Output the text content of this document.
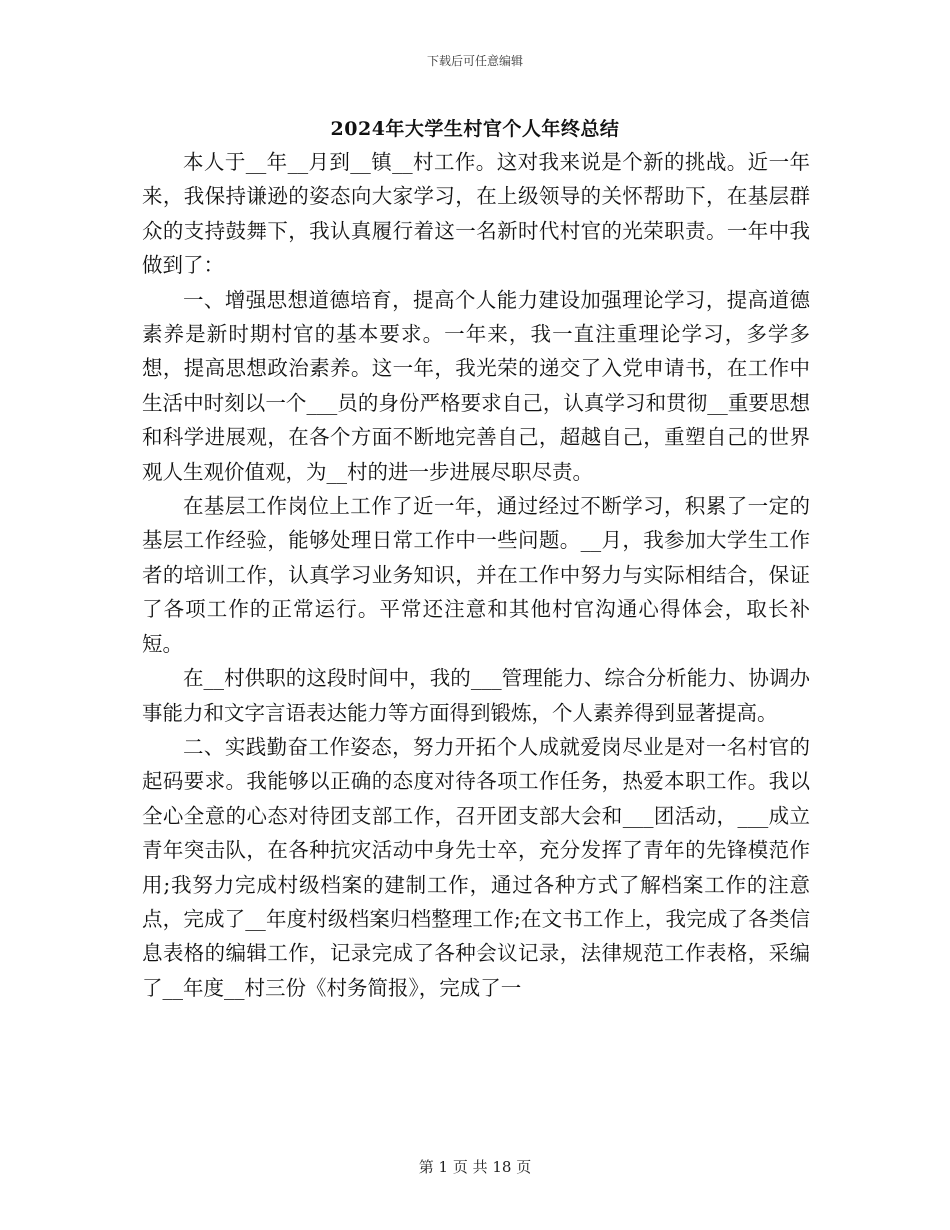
下载后可任意编辑
2024年大学生村官个人年终总结

本人于__年__月到__镇__村工作。这对我来说是个新的挑战。近一年来，我保持谦逊的姿态向大家学习，在上级领导的关怀帮助下，在基层群众的支持鼓舞下，我认真履行着这一名新时代村官的光荣职责。一年中我做到了：

一、增强思想道德培育，提高个人能力建设加强理论学习，提高道德素养是新时期村官的基本要求。一年来，我一直注重理论学习，多学多想，提高思想政治素养。这一年，我光荣的递交了入党申请书，在工作中生活中时刻以一个___员的身份严格要求自己，认真学习和贯彻__重要思想和科学进展观，在各个方面不断地完善自己，超越自己，重塑自己的世界观人生观价值观，为__村的进一步进展尽职尽责。

在基层工作岗位上工作了近一年，通过经过不断学习，积累了一定的基层工作经验，能够处理日常工作中一些问题。__月，我参加大学生工作者的培训工作，认真学习业务知识，并在工作中努力与实际相结合，保证了各项工作的正常运行。平常还注意和其他村官沟通心得体会，取长补短。

在__村供职的这段时间中，我的___管理能力、综合分析能力、协调办事能力和文字言语表达能力等方面得到锻炼，个人素养得到显著提高。

二、实践勤奋工作姿态，努力开拓个人成就爱岗尽业是对一名村官的起码要求。我能够以正确的态度对待各项工作任务，热爱本职工作。我以全心全意的心态对待团支部工作，召开团支部大会和___团活动，___成立青年突击队，在各种抗灾活动中身先士卒，充分发挥了青年的先锋模范作用;我努力完成村级档案的建制工作，通过各种方式了解档案工作的注意点，完成了__年度村级档案归档整理工作;在文书工作上，我完成了各类信息表格的编辑工作，记录完成了各种会议记录，法律规范工作表格，采编了__年度__村三份《村务简报》，完成了一

第 1 页 共 18 页
